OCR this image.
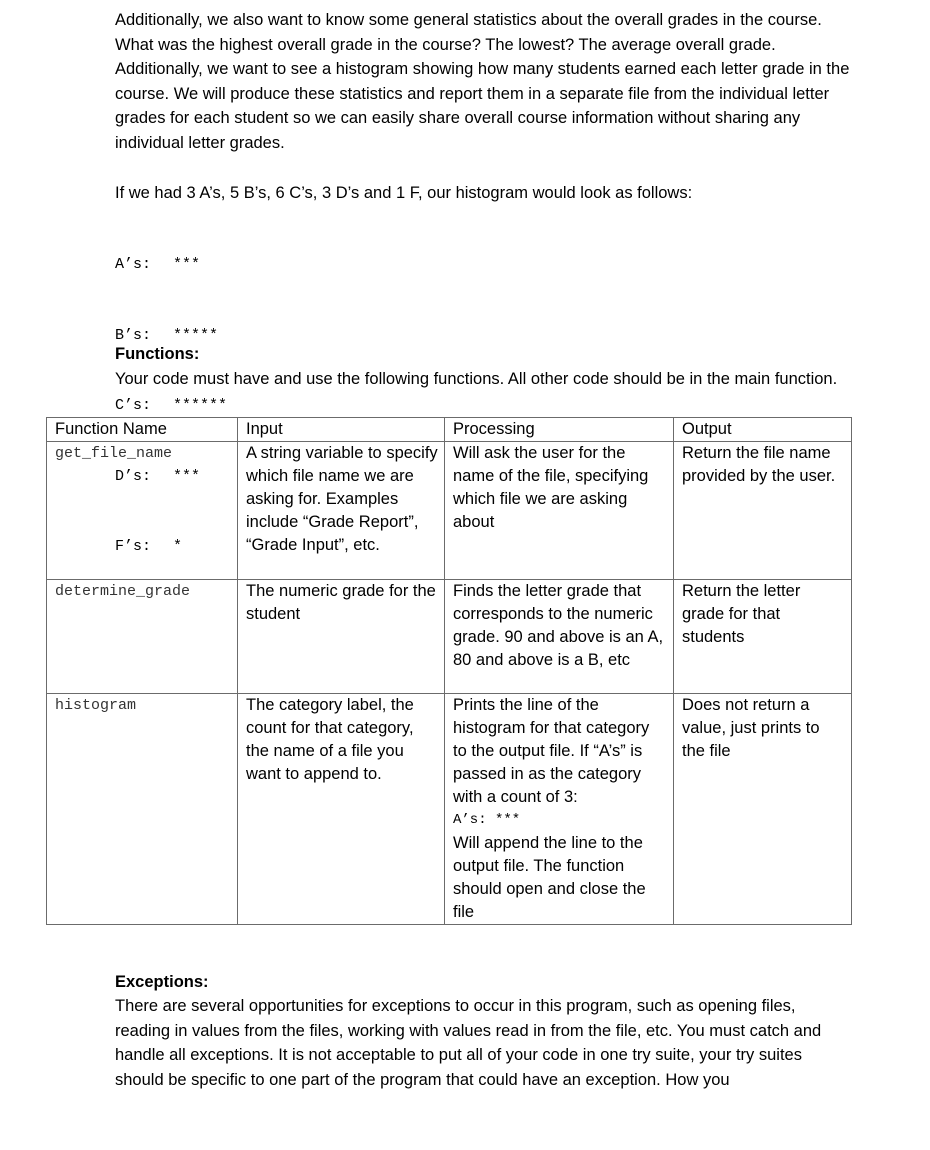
Additionally, we also want to know some general statistics about the overall grades in the course. What was the highest overall grade in the course? The lowest? The average overall grade. Additionally, we want to see a histogram showing how many students earned each letter grade in the course. We will produce these statistics and report them in a separate file from the individual letter grades for each student so we can easily share overall course information without sharing any individual letter grades.

If we had 3 A’s, 5 B’s, 6 C’s, 3 D’s and 1 F, our histogram would look as follows:

A’s: ***

B’s: *****

C’s: ******

D’s: ***

F’s: *

Functions:

Your code must have and use the following functions. All other code should be in the main function.

Function Name	Input	Processing	Output
get_file_name	A string variable to specify which file name we are asking for. Examples include “Grade Report”, “Grade Input”, etc.	Will ask the user for the name of the file, specifying which file we are asking about	Return the file name provided by the user.
determine_grade	The numeric grade for the student	Finds the letter grade that corresponds to the numeric grade. 90 and above is an A, 80 and above is a B, etc	Return the letter grade for that students
histogram	The category label, the count for that category, the name of a file you want to append to.	Prints the line of the histogram for that category to the output file. If “A’s” is passed in as the category with a count of 3:
A’s: ***
Will append the line to the output file. The function should open and close the file	Does not return a value, just prints to the file

Exceptions:

There are several opportunities for exceptions to occur in this program, such as opening files, reading in values from the files, working with values read in from the file, etc. You must catch and handle all exceptions. It is not acceptable to put all of your code in one try suite, your try suites should be specific to one part of the program that could have an exception. How you
